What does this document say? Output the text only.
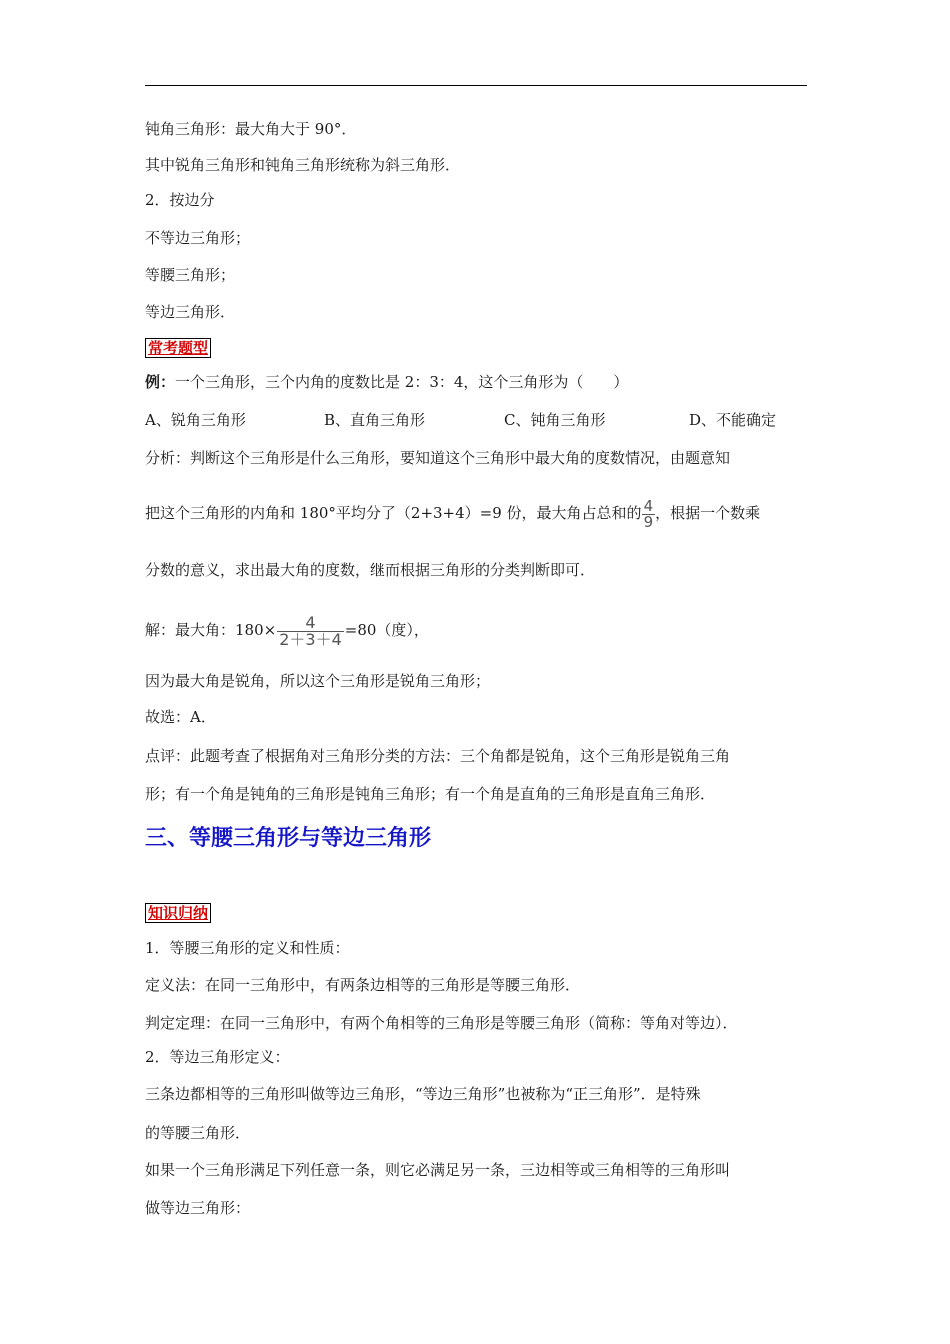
钝角三角形：最大角大于 90°．
其中锐角三角形和钝角三角形统称为斜三角形．
2．按边分
不等边三角形；
等腰三角形；
等边三角形．
常考题型
例：一个三角形，三个内角的度数比是 2：3：4，这个三角形为（　　）
A、锐角三角形	B、直角三角形	C、钝角三角形	D、不能确定
分析：判断这个三角形是什么三角形，要知道这个三角形中最大角的度数情况，由题意知
把这个三角形的内角和 180°平均分了（2+3+4）=9 份，最大角占总和的 $\frac{4}{9}$ ，根据一个数乘
分数的意义，求出最大角的度数，继而根据三角形的分类判断即可．
解：最大角：$180\times \frac{4}{2+3+4} =80$（度），
因为最大角是锐角，所以这个三角形是锐角三角形；
故选：A．
点评：此题考查了根据角对三角形分类的方法：三个角都是锐角，这个三角形是锐角三角
形；有一个角是钝角的三角形是钝角三角形；有一个角是直角的三角形是直角三角形．
三、等腰三角形与等边三角形
知识归纳
1．等腰三角形的定义和性质：
定义法：在同一三角形中，有两条边相等的三角形是等腰三角形．
判定定理：在同一三角形中，有两个角相等的三角形是等腰三角形（简称：等角对等边）．
2．等边三角形定义：
三条边都相等的三角形叫做等边三角形，“等边三角形”也被称为“正三角形”．是特殊
的等腰三角形．
如果一个三角形满足下列任意一条，则它必满足另一条，三边相等或三角相等的三角形叫
做等边三角形：
